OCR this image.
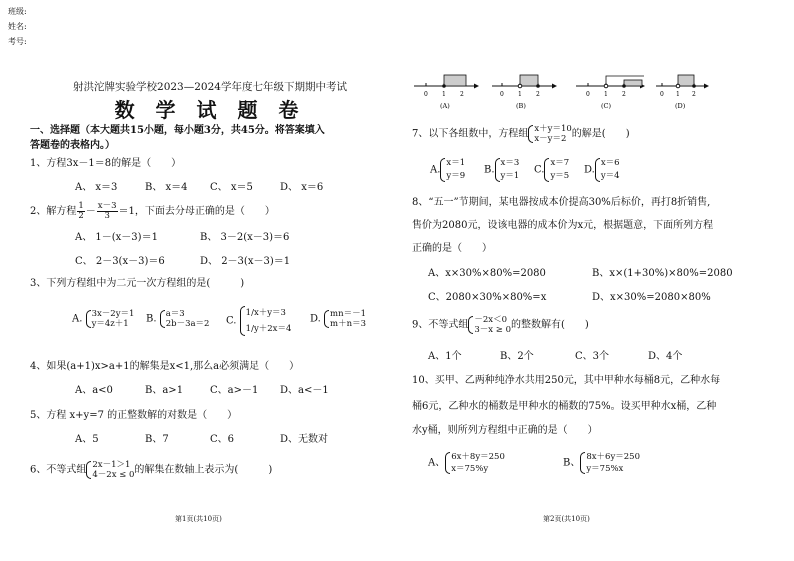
班级:
姓名:
考号:
射洪沱牌实验学校2023—2024学年度七年级下期期中考试
数 学 试 题 卷
一、选择题（本大题共15小题，每小题3分，共45分。将答案填入
答题卷的表格内。）
1、方程3x－1＝8的解是（　　）
A、 x＝3	B、 x＝4 C、 x＝5	D、 x＝6
2、解方程 $\frac{1}{2} - \frac{x-3}{3} =1$，下面去分母正确的是（　　）
A、 1－(x－3)＝1	B、 3－2(x－3)＝6
C、 2－3(x－3)＝6	D、 2－3(x－3)＝1
3、下列方程组中为二元一次方程组的是(　　　)
A. 3x－2y＝1
y＝4z＋1	B. a＝3
2b－3a＝2 C.
1/x＋y＝3
1/y＋2x＝4
D. mn＝－1
m＋n＝3
4、如果(a+1)x>a+1的解集是x<1,那么a必须满足（　　）
A、a<0	B、a>1	C、a>－1 D、a<－1
5、方程 x+y=7 的正整数解的对数是（　　）
A、5	B、7	C、6	D、无数对
6、不等式组 2x－1＞1
4－2x ≤ 0 的解集在数轴上表示为(　　　)
第1页(共10页)
0 1 2
(A)
0 1 2
(B)
0 1 2
(C)
0 1 2
(D)
7、以下各组数中，方程组 x＋y＝10
x－y＝2 的解是(　　)
A.
x＝1
y＝9
B.
x＝3
y＝1
C.
x＝7
y＝5
D.
x＝6
y＝4
8、“五一”节期间，某电器按成本价提高30%后标价，再打8折销售,
售价为2080元，设该电器的成本价为x元，根据题意，下面所列方程
正确的是（　　）
A、x×30%×80%=2080	B、x×(1+30%)×80%=2080
C、2080×30%×80%=x	D、x×30%=2080×80%
9、不等式组 －2x＜0
3－x ≥ 0 的整数解有(　　)
A、1个	B、2个	C、3个	D、4个
10、买甲、乙两种纯净水共用250元，其中甲种水每桶8元，乙种水每
桶6元，乙种水的桶数是甲种水的桶数的75%。设买甲种水x桶，乙种
水y桶，则所列方程组中正确的是（　　）
A、
6x＋8y＝250
x＝75%y
B、
8x＋6y＝250
y＝75%x
第2页(共10页)
